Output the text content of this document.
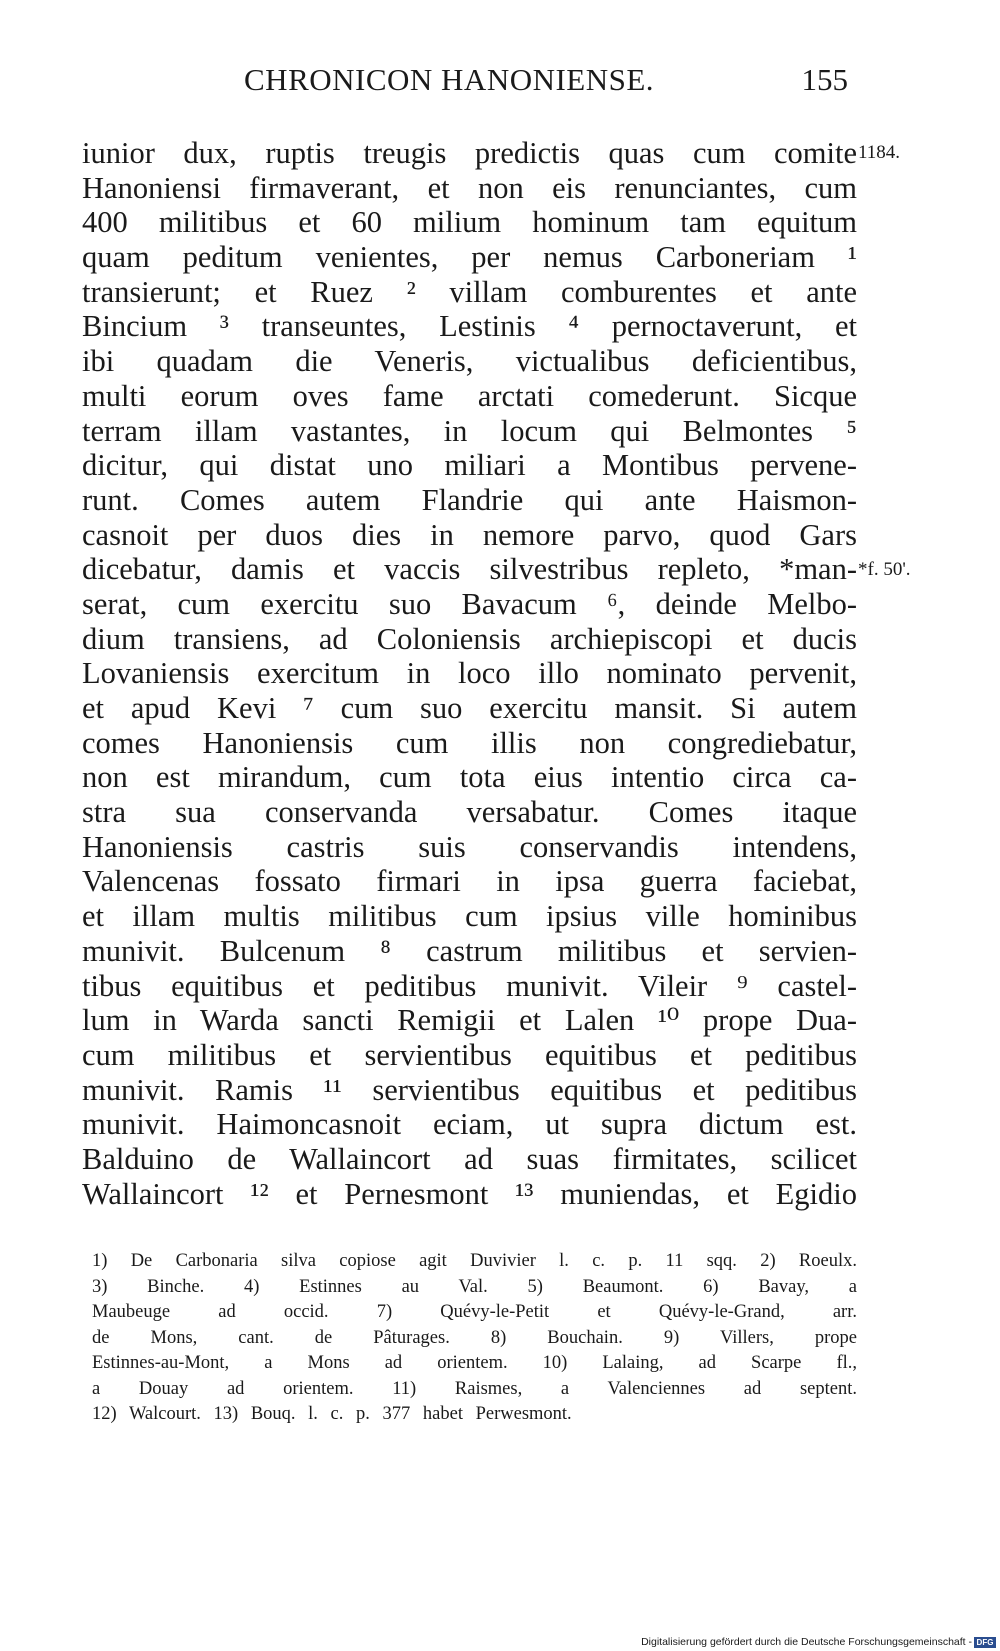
CHRONICON HANONIENSE.	155
iunior dux, ruptis treugis predictis quas cum comite
Hanoniensi firmaverant, et non eis renunciantes, cum
400 militibus et 60 milium hominum tam equitum
quam peditum venientes, per nemus Carboneriam ¹
transierunt; et Ruez ² villam comburentes et ante
Bincium ³ transeuntes, Lestinis ⁴ pernoctaverunt, et
ibi quadam die Veneris, victualibus deficientibus,
multi eorum oves fame arctati comederunt. Sicque
terram illam vastantes, in locum qui Belmontes ⁵
dicitur, qui distat uno miliari a Montibus pervene-
runt. Comes autem Flandrie qui ante Haismon-
casnoit per duos dies in nemore parvo, quod Gars
dicebatur, damis et vaccis silvestribus repleto, *man-
serat, cum exercitu suo Bavacum ⁶, deinde Melbo-
dium transiens, ad Coloniensis archiepiscopi et ducis
Lovaniensis exercitum in loco illo nominato pervenit,
et apud Kevi ⁷ cum suo exercitu mansit. Si autem
comes Hanoniensis cum illis non congrediebatur,
non est mirandum, cum tota eius intentio circa ca-
stra sua conservanda versabatur. Comes itaque
Hanoniensis castris suis conservandis intendens,
Valencenas fossato firmari in ipsa guerra faciebat,
et illam multis militibus cum ipsius ville hominibus
munivit. Bulcenum ⁸ castrum militibus et servien-
tibus equitibus et peditibus munivit. Vileir ⁹ castel-
lum in Warda sancti Remigii et Lalen ¹⁰ prope Dua-
cum militibus et servientibus equitibus et peditibus
munivit. Ramis ¹¹ servientibus equitibus et peditibus
munivit. Haimoncasnoit eciam, ut supra dictum est.
Balduino de Wallaincort ad suas firmitates, scilicet
Wallaincort ¹² et Pernesmont ¹³ muniendas, et Egidio
1184.
*f. 50'.
1) De Carbonaria silva copiose agit Duvivier l. c. p. 11 sqq. 2) Roeulx.
3) Binche. 4) Estinnes au Val. 5) Beaumont. 6) Bavay, a
Maubeuge ad occid. 7) Quévy-le-Petit et Quévy-le-Grand, arr.
de Mons, cant. de Pâturages. 8) Bouchain. 9) Villers, prope
Estinnes-au-Mont, a Mons ad orientem. 10) Lalaing, ad Scarpe fl.,
a Douay ad orientem. 11) Raismes, a Valenciennes ad septent.
12) Walcourt. 13) Bouq. l. c. p. 377 habet Perwesmont.
Digitalisierung gefördert durch die Deutsche Forschungsgemeinschaft - DFG
